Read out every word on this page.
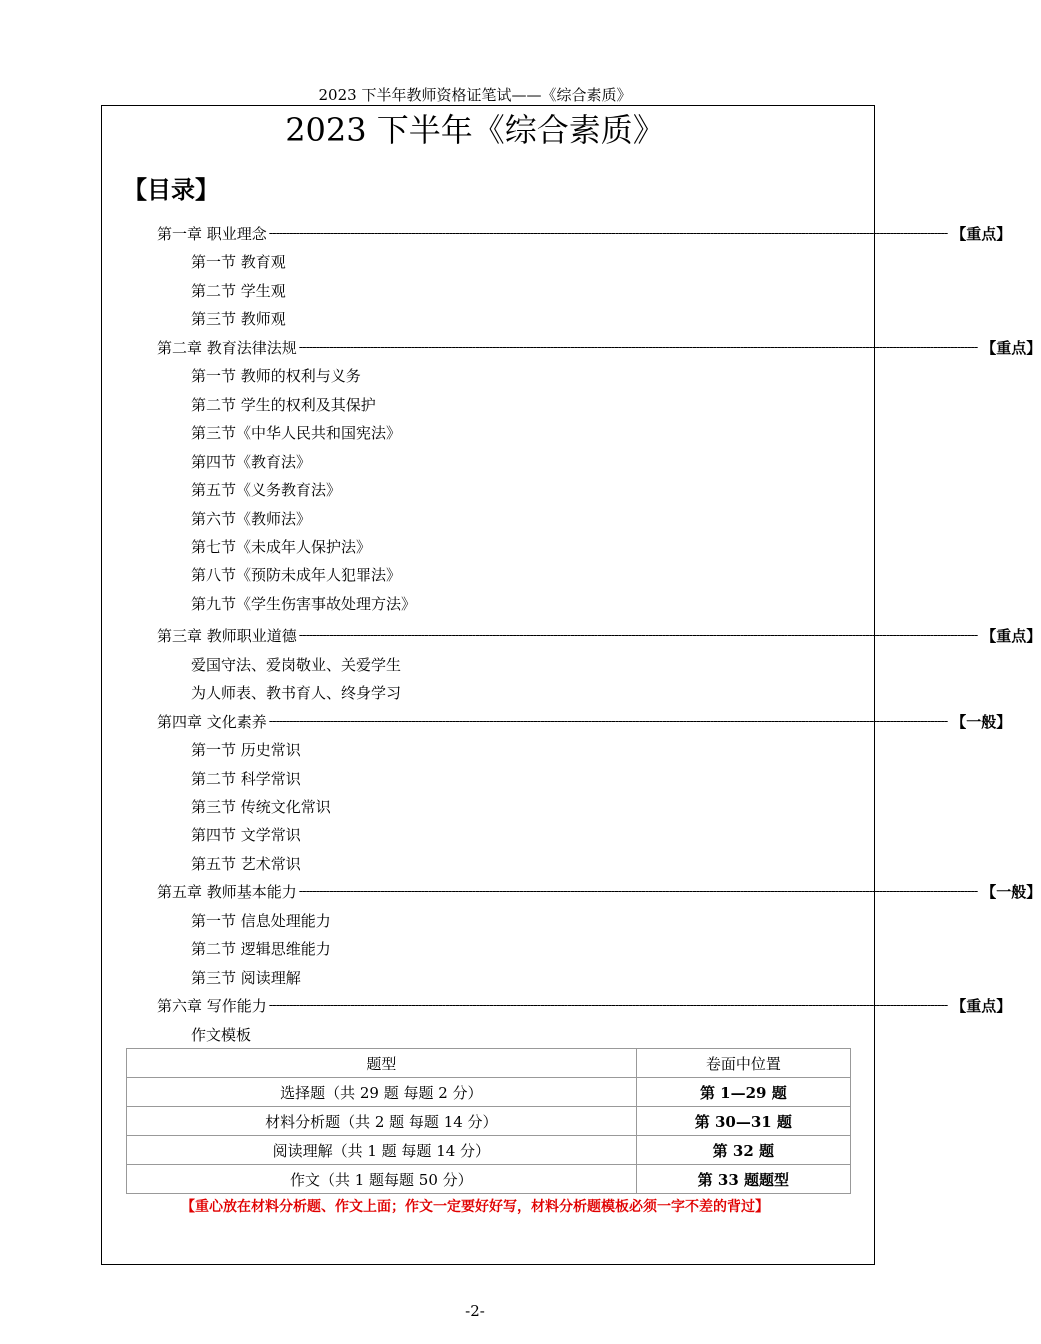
2023 下半年教师资格证笔试——《综合素质》
2023 下半年《综合素质》
【目录】
第一章 职业理念 -------------------------------------------------------------------------------------------------------------------------------------------------------------------------------------------------------- 【重点】
第一节 教育观
第二节 学生观
第三节 教师观
第二章 教育法律法规 -------------------------------------------------------------------------------------------------------------------------------------------------------------------------------------------------------- 【重点】
第一节 教师的权利与义务
第二节 学生的权利及其保护
第三节《中华人民共和国宪法》
第四节《教育法》
第五节《义务教育法》
第六节《教师法》
第七节《未成年人保护法》
第八节《预防未成年人犯罪法》
第九节《学生伤害事故处理方法》
第三章 教师职业道德 -------------------------------------------------------------------------------------------------------------------------------------------------------------------------------------------------------- 【重点】
爱国守法、爱岗敬业、关爱学生
为人师表、教书育人、终身学习
第四章 文化素养 -------------------------------------------------------------------------------------------------------------------------------------------------------------------------------------------------------- 【一般】
第一节 历史常识
第二节 科学常识
第三节 传统文化常识
第四节 文学常识
第五节 艺术常识
第五章 教师基本能力 -------------------------------------------------------------------------------------------------------------------------------------------------------------------------------------------------------- 【一般】
第一节 信息处理能力
第二节 逻辑思维能力
第三节 阅读理解
第六章 写作能力 -------------------------------------------------------------------------------------------------------------------------------------------------------------------------------------------------------- 【重点】
作文模板
题型	卷面中位置
选择题（共 29 题 每题 2 分）	第 1—29 题
材料分析题（共 2 题 每题 14 分）	第 30—31 题
阅读理解（共 1 题 每题 14 分）	第 32 题
作文（共 1 题每题 50 分）	第 33 题题型
【重心放在材料分析题、作文上面；作文一定要好好写，材料分析题模板必须一字不差的背过】
-2-
